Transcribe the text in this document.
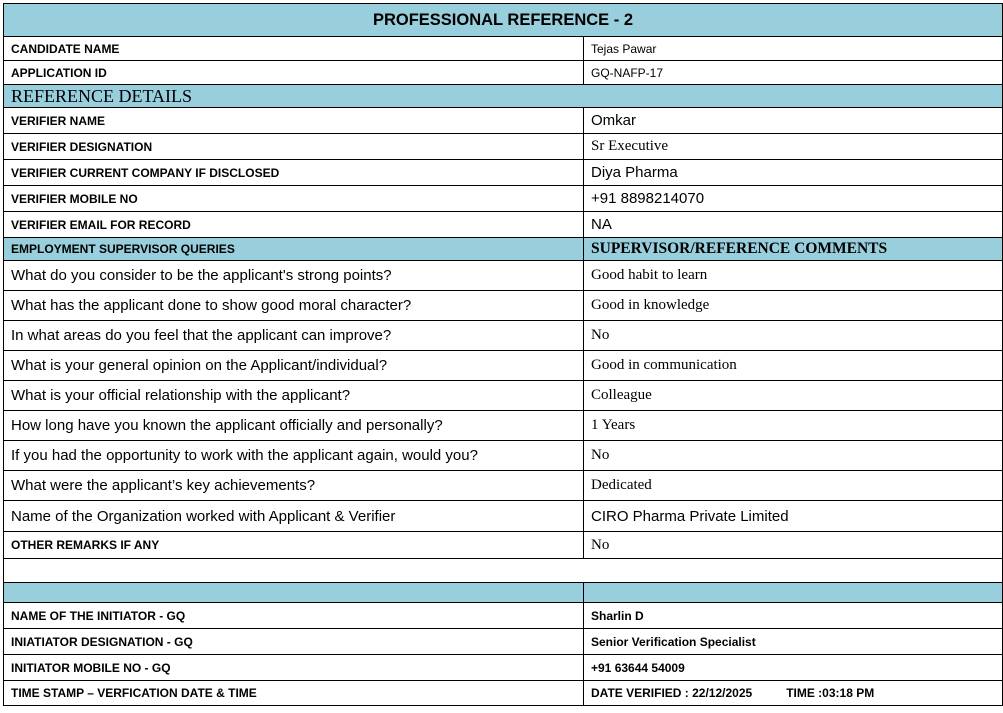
PROFESSIONAL REFERENCE - 2
CANDIDATE NAME	Tejas Pawar
APPLICATION ID	GQ-NAFP-17
REFERENCE DETAILS
VERIFIER NAME	Omkar
VERIFIER DESIGNATION	Sr Executive
VERIFIER CURRENT COMPANY IF DISCLOSED	Diya Pharma
VERIFIER MOBILE NO	+91 8898214070
VERIFIER EMAIL FOR RECORD	NA
EMPLOYMENT SUPERVISOR QUERIES	SUPERVISOR/REFERENCE COMMENTS
What do you consider to be the applicant's strong points?	Good habit to learn
What has the applicant done to show good moral character?	Good in knowledge
In what areas do you feel that the applicant can improve?	No
What is your general opinion on the Applicant/individual?	Good in communication
What is your official relationship with the applicant?	Colleague
How long have you known the applicant officially and personally?	1 Years
If you had the opportunity to work with the applicant again, would you?	No
What were the applicant’s key achievements?	Dedicated
Name of the Organization worked with Applicant & Verifier	CIRO Pharma Private Limited
OTHER REMARKS IF ANY	No
NAME OF THE INITIATOR - GQ	Sharlin D
INIATIATOR DESIGNATION - GQ	Senior Verification Specialist
INITIATOR MOBILE NO - GQ	+91 63644 54009
TIME STAMP – VERFICATION DATE & TIME	DATE VERIFIED : 22/12/2025	TIME :03:18 PM
